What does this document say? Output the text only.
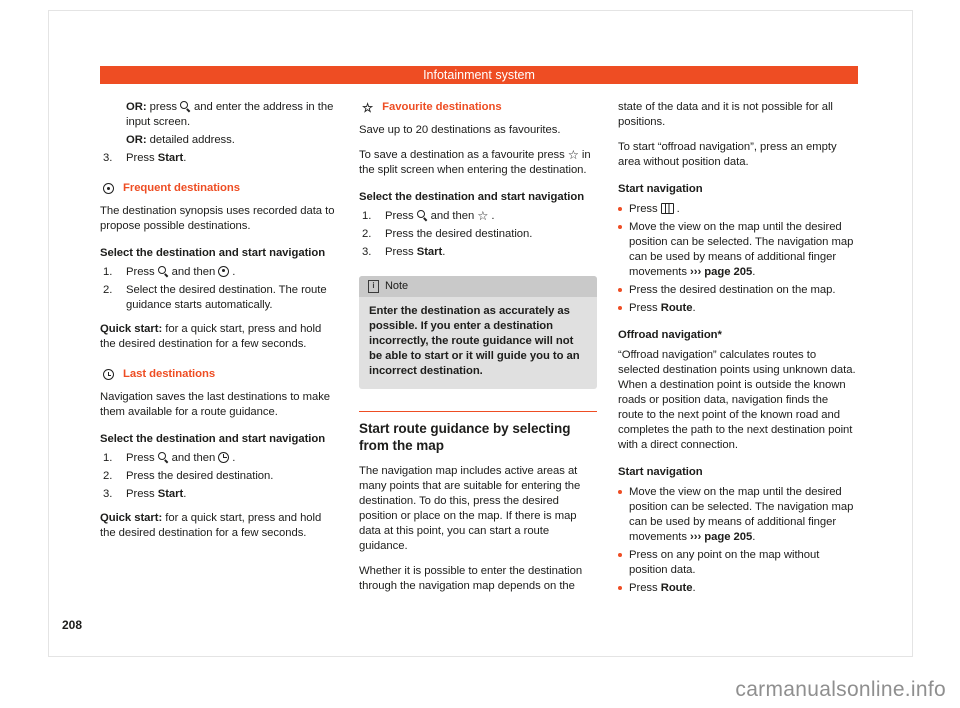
Infotainment system

OR: press and enter the address in the input screen.

OR: detailed address.

3.	Press Start.
Frequent destinations

The destination synopsis uses recorded data to propose possible destinations.

Select the destination and start navigation
1.	Press and then .
2.	Select the desired destination. The route guidance starts automatically.

Quick start: for a quick start, press and hold the desired destination for a few seconds.

Last destinations

Navigation saves the last destinations to make them available for a route guidance.

Select the destination and start navigation
1.	Press and then .
2.	Press the desired destination.
3.	Press Start.

Quick start: for a quick start, press and hold the desired destination for a few seconds.

☆ Favourite destinations

Save up to 20 destinations as favourites.

To save a destination as a favourite press ☆ in the split screen when entering the destination.

Select the destination and start navigation
1.	Press and then ☆ .
2.	Press the desired destination.
3.	Press Start.
i Note
Enter the destination as accurately as possible. If you enter a destination incorrectly, the route guidance will not be able to start or it will guide you to an incorrect destination.
Start route guidance by selecting from the map

The navigation map includes active areas at many points that are suitable for entering the destination. To do this, press the desired position or place on the map. If there is map data at this point, you can start a route guidance.

Whether it is possible to enter the destination through the navigation map depends on the

state of the data and it is not possible for all positions.

To start “offroad navigation”, press an empty area without position data.

Start navigation
Press .
Move the view on the map until the desired position can be selected. The navigation map can be used by means of additional finger movements ››› page 205.
Press the desired destination on the map.
Press Route.
Offroad navigation*

“Offroad navigation” calculates routes to selected destination points using unknown data. When a destination point is outside the known roads or position data, navigation finds the route to the next point of the known road and completes the path to the next destination point with a direct connection.

Start navigation
Move the view on the map until the desired position can be selected. The navigation map can be used by means of additional finger movements ››› page 205.
Press on any point on the map without position data.
Press Route.
208
carmanualsonline.info
